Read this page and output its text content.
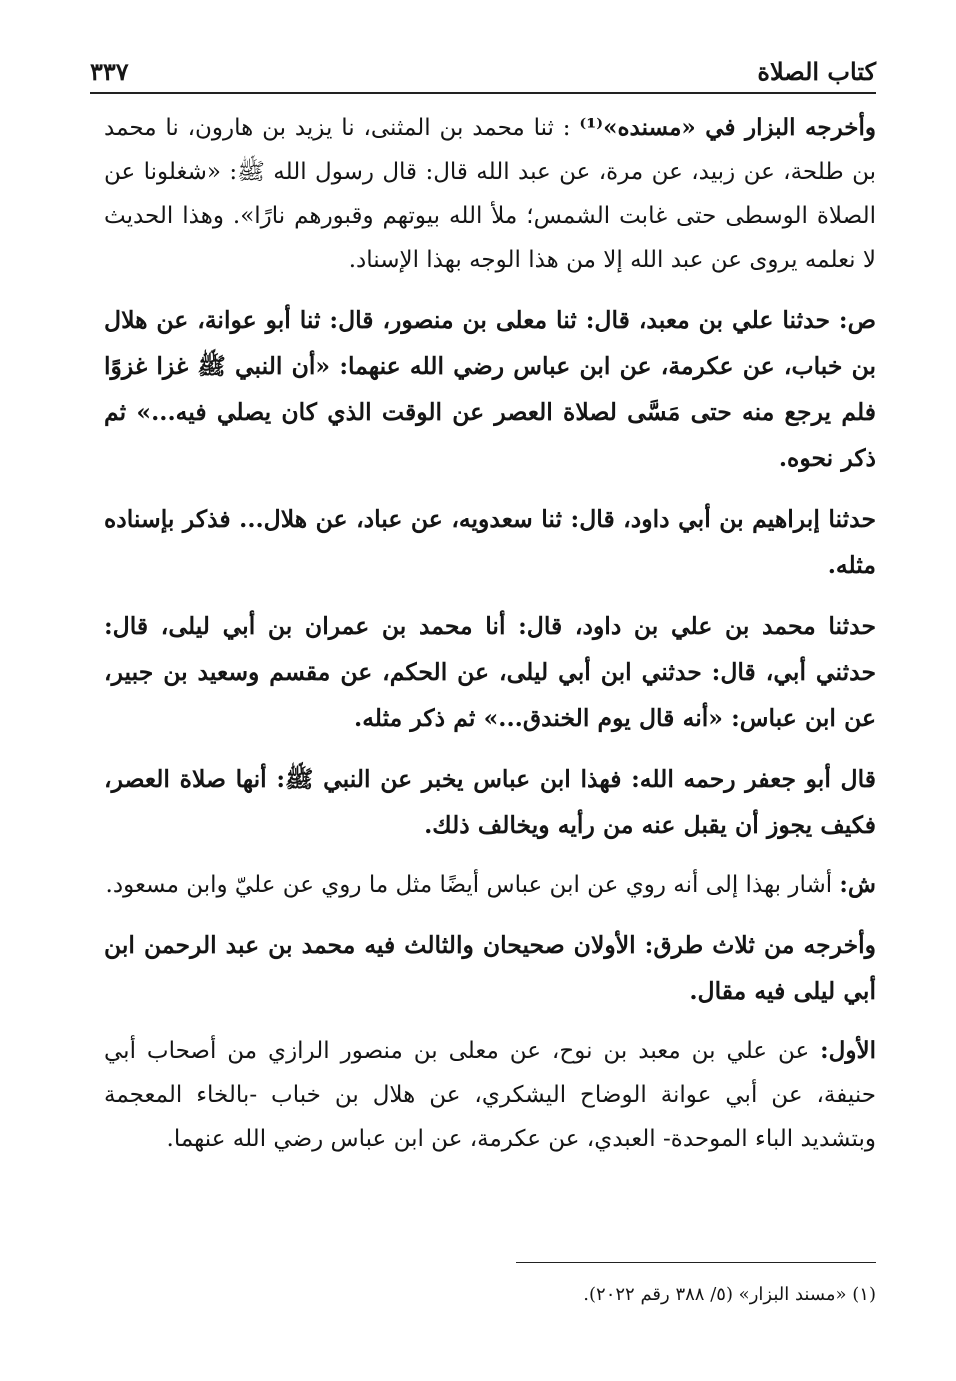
كتاب الصلاة
٣٣٧

وأخرجه البزار في «مسنده»⁽¹⁾ : ثنا محمد بن المثنى، نا يزيد بن هارون، نا محمد بن طلحة، عن زبيد، عن مرة، عن عبد الله قال: قال رسول الله ﷺ: «شغلونا عن الصلاة الوسطى حتى غابت الشمس؛ ملأ الله بيوتهم وقبورهم نارًا». وهذا الحديث لا نعلمه يروى عن عبد الله إلا من هذا الوجه بهذا الإسناد.

ص: حدثنا علي بن معبد، قال: ثنا معلى بن منصور، قال: ثنا أبو عوانة، عن هلال بن خباب، عن عكرمة، عن ابن عباس رضي الله عنهما: «أن النبي ﷺ غزا غزوًا فلم يرجع منه حتى مَسَّى لصلاة العصر عن الوقت الذي كان يصلي فيه...» ثم ذكر نحوه.

حدثنا إبراهيم بن أبي داود، قال: ثنا سعدويه، عن عباد، عن هلال... فذكر بإسناده مثله.

حدثنا محمد بن علي بن داود، قال: أنا محمد بن عمران بن أبي ليلى، قال: حدثني أبي، قال: حدثني ابن أبي ليلى، عن الحكم، عن مقسم وسعيد بن جبير، عن ابن عباس: «أنه قال يوم الخندق...» ثم ذكر مثله.

قال أبو جعفر رحمه الله: فهذا ابن عباس يخبر عن النبي ﷺ: أنها صلاة العصر، فكيف يجوز أن يقبل عنه من رأيه ويخالف ذلك.

ش: أشار بهذا إلى أنه روي عن ابن عباس أيضًا مثل ما روي عن عليّ وابن مسعود.

وأخرجه من ثلاث طرق: الأولان صحيحان والثالث فيه محمد بن عبد الرحمن ابن أبي ليلى فيه مقال.

الأول: عن علي بن معبد بن نوح، عن معلى بن منصور الرازي من أصحاب أبي حنيفة، عن أبي عوانة الوضاح اليشكري، عن هلال بن خباب -بالخاء المعجمة وبتشديد الباء الموحدة- العبدي، عن عكرمة، عن ابن عباس رضي الله عنهما.

(١) «مسند البزار» (٥/ ٣٨٨ رقم ٢٠٢٢).
